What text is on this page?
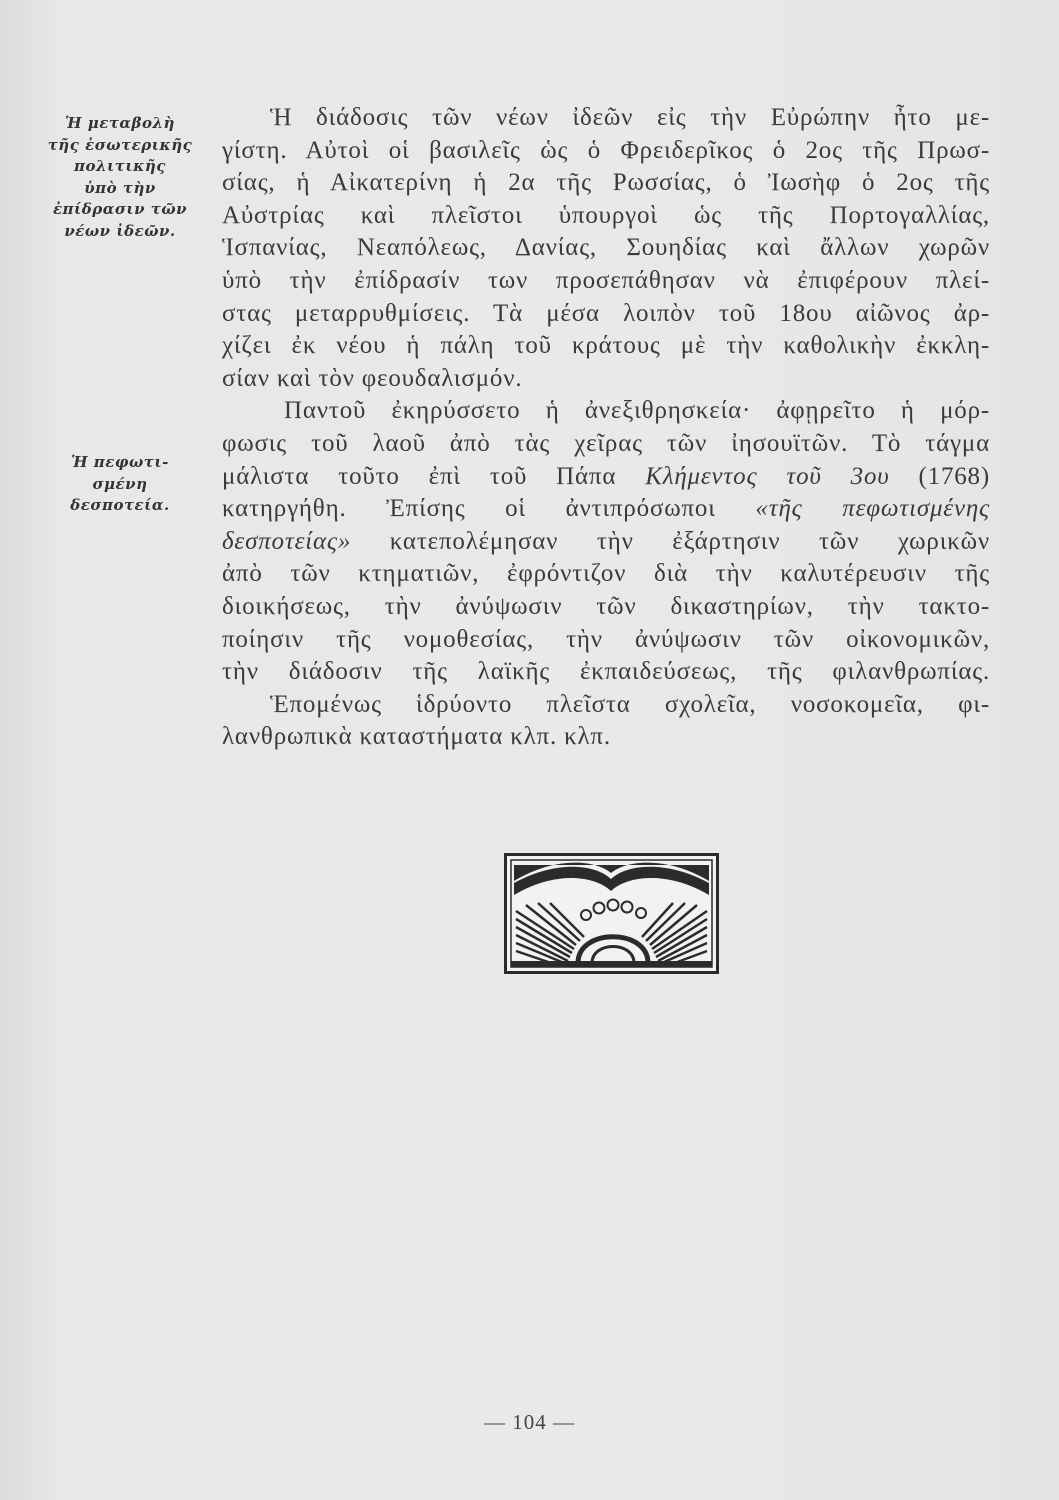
Ἡ μεταβολὴ
τῆς ἐσωτερικῆς
πολιτικῆς
ὑπὸ τὴν
ἐπίδρασιν τῶν
νέων ἰδεῶν.
Ἡ πεφωτι-
σμένη
δεσποτεία.
Ἡ διάδοσις τῶν νέων ἰδεῶν εἰς τὴν Εὐρώπην ἦτο με-
γίστη. Αὐτοὶ οἱ βασιλεῖς ὡς ὁ Φρειδερῖκος ὁ 2ος τῆς Πρωσ-
σίας, ἡ Αἰκατερίνη ἡ 2α τῆς Ρωσσίας, ὁ Ἰωσὴφ ὁ 2ος τῆς
Αὐστρίας καὶ πλεῖστοι ὑπουργοὶ ὡς τῆς Πορτογαλλίας,
Ἱσπανίας, Νεαπόλεως, Δανίας, Σουηδίας καὶ ἄλλων χωρῶν
ὑπὸ τὴν ἐπίδρασίν των προσεπάθησαν νὰ ἐπιφέρουν πλεί-
στας μεταρρυθμίσεις. Τὰ μέσα λοιπὸν τοῦ 18ου αἰῶνος ἀρ-
χίζει ἐκ νέου ἡ πάλη τοῦ κράτους μὲ τὴν καθολικὴν ἐκκλη-
σίαν καὶ τὸν φεουδαλισμόν.
Παντοῦ ἐκηρύσσετο ἡ ἀνεξιθρησκεία· ἀφῃρεῖτο ἡ μόρ-
φωσις τοῦ λαοῦ ἀπὸ τὰς χεῖρας τῶν ἰησουϊτῶν. Τὸ τάγμα
μάλιστα τοῦτο ἐπὶ τοῦ Πάπα Κλήμεντος τοῦ 3ου (1768)
κατηργήθη. Ἐπίσης οἱ ἀντιπρόσωποι «τῆς πεφωτισμένης
δεσποτείας» κατεπολέμησαν τὴν ἐξάρτησιν τῶν χωρικῶν
ἀπὸ τῶν κτηματιῶν, ἐφρόντιζον διὰ τὴν καλυτέρευσιν τῆς
διοικήσεως, τὴν ἀνύψωσιν τῶν δικαστηρίων, τὴν τακτο-
ποίησιν τῆς νομοθεσίας, τὴν ἀνύψωσιν τῶν οἰκονομικῶν,
τὴν διάδοσιν τῆς λαϊκῆς ἐκπαιδεύσεως, τῆς φιλανθρωπίας.
Ἑπομένως ἱδρύοντο πλεῖστα σχολεῖα, νοσοκομεῖα, φι-
λανθρωπικὰ καταστήματα κλπ. κλπ.
— 104 —
